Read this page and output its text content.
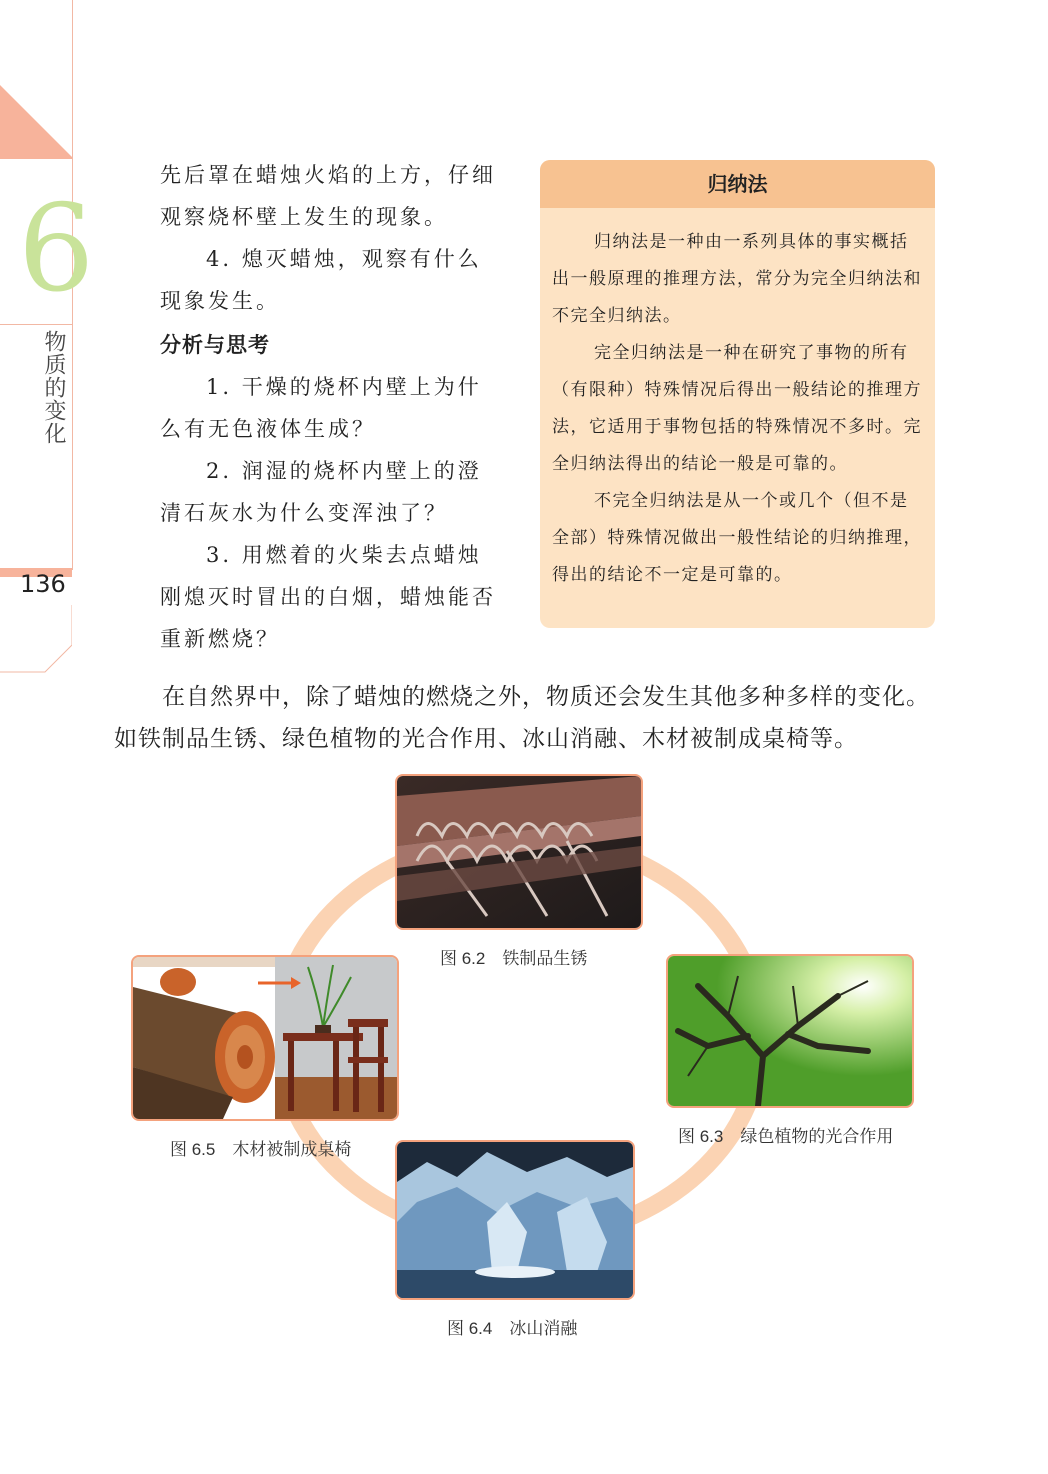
6
物质的变化
136

先后罩在蜡烛火焰的上方，仔细观察烧杯壁上发生的现象。

4. 熄灭蜡烛，观察有什么现象发生。

分析与思考

1. 干燥的烧杯内壁上为什么有无色液体生成？

2. 润湿的烧杯内壁上的澄清石灰水为什么变浑浊了？

3. 用燃着的火柴去点蜡烛刚熄灭时冒出的白烟，蜡烛能否重新燃烧？

归纳法

归纳法是一种由一系列具体的事实概括出一般原理的推理方法，常分为完全归纳法和不完全归纳法。

完全归纳法是一种在研究了事物的所有（有限种）特殊情况后得出一般结论的推理方法，它适用于事物包括的特殊情况不多时。完全归纳法得出的结论一般是可靠的。

不完全归纳法是从一个或几个（但不是全部）特殊情况做出一般性结论的归纳推理，得出的结论不一定是可靠的。

在自然界中，除了蜡烛的燃烧之外，物质还会发生其他多种多样的变化。如铁制品生锈、绿色植物的光合作用、冰山消融、木材被制成桌椅等。

图 6.2　铁制品生锈
图 6.3　绿色植物的光合作用
图 6.4　冰山消融
图 6.5　木材被制成桌椅
